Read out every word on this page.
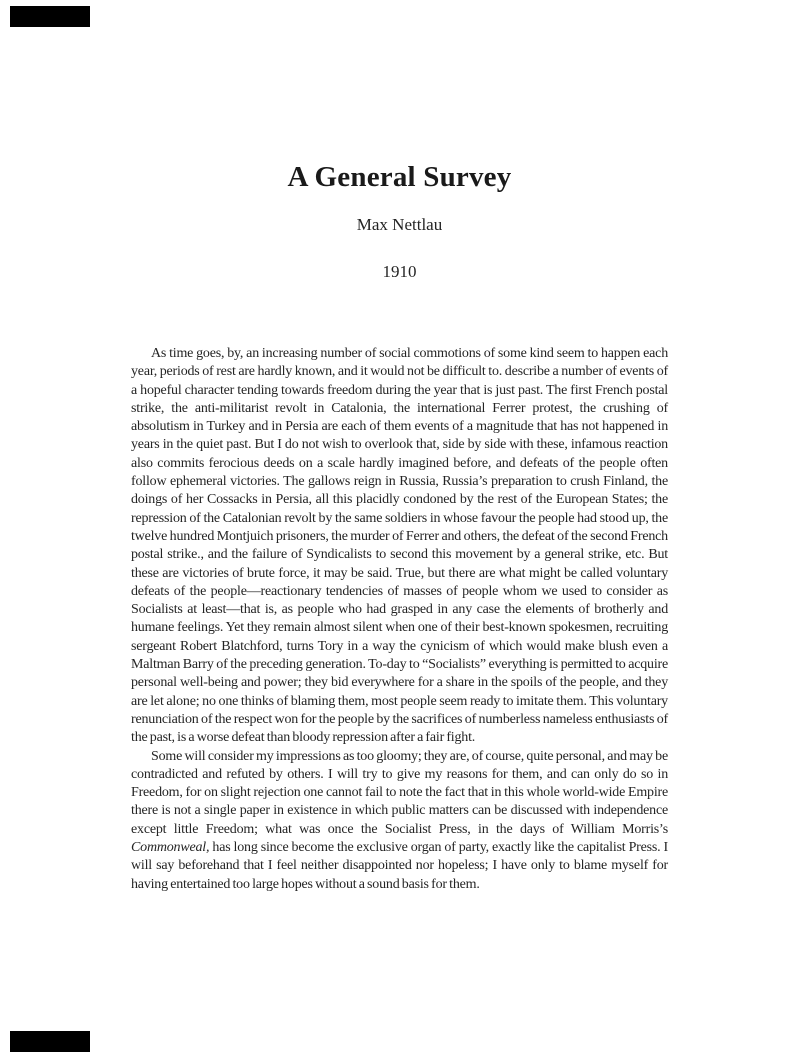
A General Survey
Max Nettlau
1910

As time goes, by, an increasing number of social commotions of some kind seem to happen each year, periods of rest are hardly known, and it would not be difficult to. describe a number of events of a hopeful character tending towards freedom during the year that is just past. The first French postal strike, the anti-militarist revolt in Catalonia, the international Ferrer protest, the crushing of absolutism in Turkey and in Persia are each of them events of a magnitude that has not happened in years in the quiet past. But I do not wish to overlook that, side by side with these, infamous reaction also commits ferocious deeds on a scale hardly imagined before, and defeats of the people often follow ephemeral victories. The gallows reign in Russia, Russia’s preparation to crush Finland, the doings of her Cossacks in Persia, all this placidly condoned by the rest of the European States; the repression of the Catalonian revolt by the same soldiers in whose favour the people had stood up, the twelve hundred Montjuich prisoners, the murder of Ferrer and others, the defeat of the second French postal strike., and the failure of Syndicalists to second this movement by a general strike, etc. But these are victories of brute force, it may be said. True, but there are what might be called voluntary defeats of the people—reactionary tendencies of masses of people whom we used to consider as Socialists at least—that is, as people who had grasped in any case the elements of brotherly and humane feelings. Yet they remain almost silent when one of their best-known spokesmen, recruiting sergeant Robert Blatchford, turns Tory in a way the cynicism of which would make blush even a Maltman Barry of the preceding generation. To-day to “Socialists” everything is permitted to acquire personal well-being and power; they bid everywhere for a share in the spoils of the people, and they are let alone; no one thinks of blaming them, most people seem ready to imitate them. This voluntary renunciation of the respect won for the people by the sacrifices of numberless nameless enthusiasts of the past, is a worse defeat than bloody repression after a fair fight.

Some will consider my impressions as too gloomy; they are, of course, quite personal, and may be contradicted and refuted by others. I will try to give my reasons for them, and can only do so in Freedom, for on slight rejection one cannot fail to note the fact that in this whole world-wide Empire there is not a single paper in existence in which public matters can be discussed with independence except little Freedom; what was once the Socialist Press, in the days of William Morris’s Commonweal, has long since become the exclusive organ of party, exactly like the capitalist Press. I will say beforehand that I feel neither disappointed nor hopeless; I have only to blame myself for having entertained too large hopes without a sound basis for them.
